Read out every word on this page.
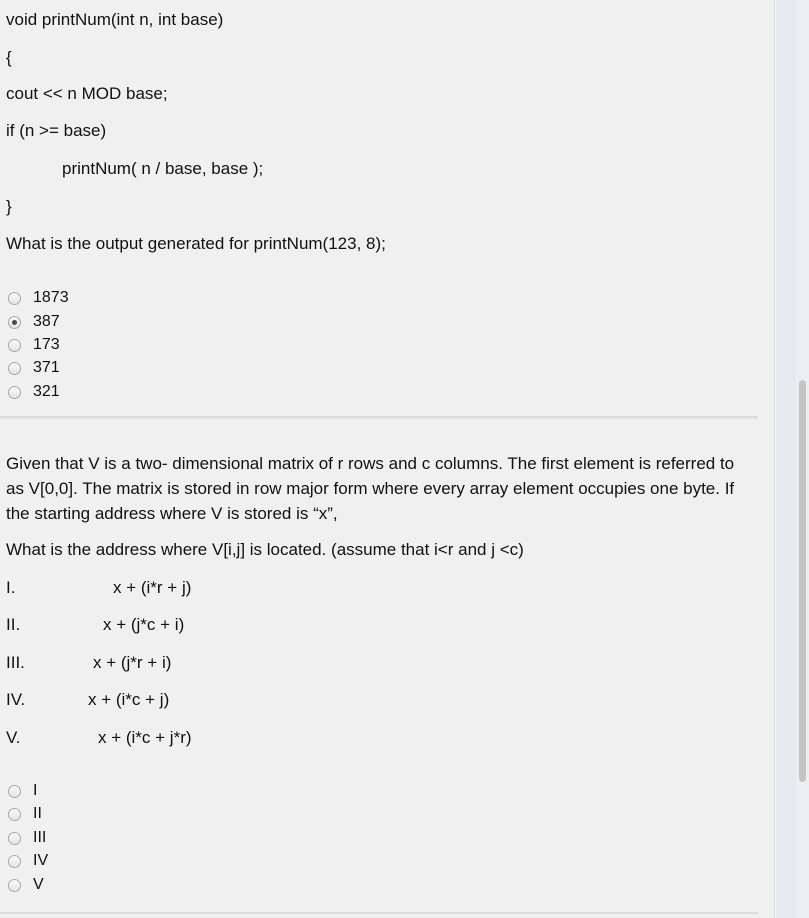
void printNum(int n, int base)
{
cout << n MOD base;
if (n >= base)
printNum( n / base, base );
}
What is the output generated for printNum(123, 8);
1873
387
173
371
321
Given that V is a two- dimensional matrix of r rows and c columns. The first element is referred to as V[0,0]. The matrix is stored in row major form where every array element occupies one byte. If the starting address where V is stored is “x”,
What is the address where V[i,j] is located. (assume that i<r and j <c)
I.	x + (i*r + j)
II.	x + (j*c + i)
III.	x + (j*r + i)
IV.	x + (i*c + j)
V.	x + (i*c + j*r)
I
II
III
IV
V
